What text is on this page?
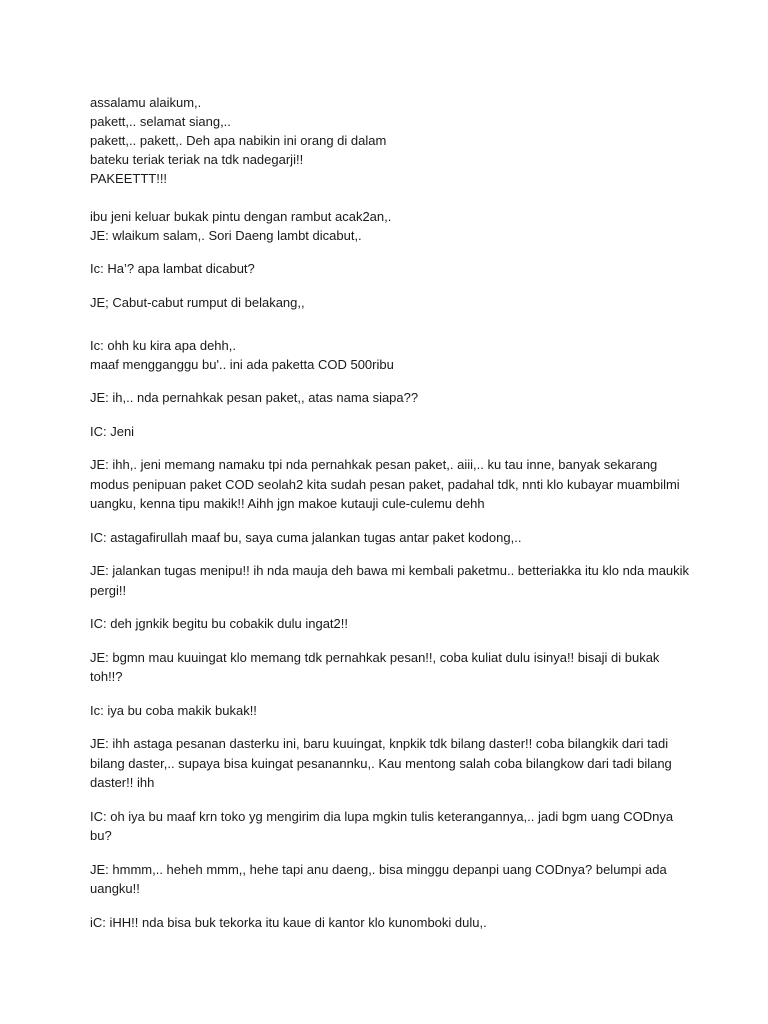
assalamu alaikum,.
pakett,.. selamat siang,..
pakett,.. pakett,. Deh apa nabikin ini orang di dalam
bateku teriak teriak na tdk nadegarji!!
PAKEETTT!!!
ibu jeni keluar bukak pintu dengan rambut acak2an,.
JE: wlaikum salam,. Sori Daeng lambt dicabut,.

Ic: Ha’? apa lambat dicabut?

JE; Cabut-cabut rumput di belakang,,

Ic: ohh ku kira apa dehh,.
maaf mengganggu bu'.. ini ada paketta COD 500ribu

JE: ih,.. nda pernahkak pesan paket,, atas nama siapa??

IC: Jeni

JE: ihh,. jeni memang namaku tpi nda pernahkak pesan paket,. aiii,.. ku tau inne, banyak sekarang modus penipuan paket COD seolah2 kita sudah pesan paket, padahal tdk, nnti klo kubayar muambilmi uangku, kenna tipu makik!! Aihh jgn makoe kutauji cule-culemu dehh

IC: astagafirullah maaf bu, saya cuma jalankan tugas antar paket kodong,..

JE: jalankan tugas menipu!! ih nda mauja deh bawa mi kembali paketmu.. betteriakka itu klo nda maukik pergi!!

IC: deh jgnkik begitu bu cobakik dulu ingat2!!

JE: bgmn mau kuuingat klo memang tdk pernahkak pesan!!, coba kuliat dulu isinya!! bisaji di bukak toh!!?

Ic: iya bu coba makik bukak!!

JE: ihh astaga pesanan dasterku ini, baru kuuingat, knpkik tdk bilang daster!! coba bilangkik dari tadi bilang daster,.. supaya bisa kuingat pesanannku,. Kau mentong salah coba bilangkow dari tadi bilang daster!! ihh

IC: oh iya bu maaf krn toko yg mengirim dia lupa mgkin tulis keterangannya,.. jadi bgm uang CODnya bu?

JE: hmmm,.. heheh mmm,, hehe tapi anu daeng,. bisa minggu depanpi uang CODnya? belumpi ada uangku!!

iC: iHH!! nda bisa buk tekorka itu kaue di kantor klo kunomboki dulu,.
